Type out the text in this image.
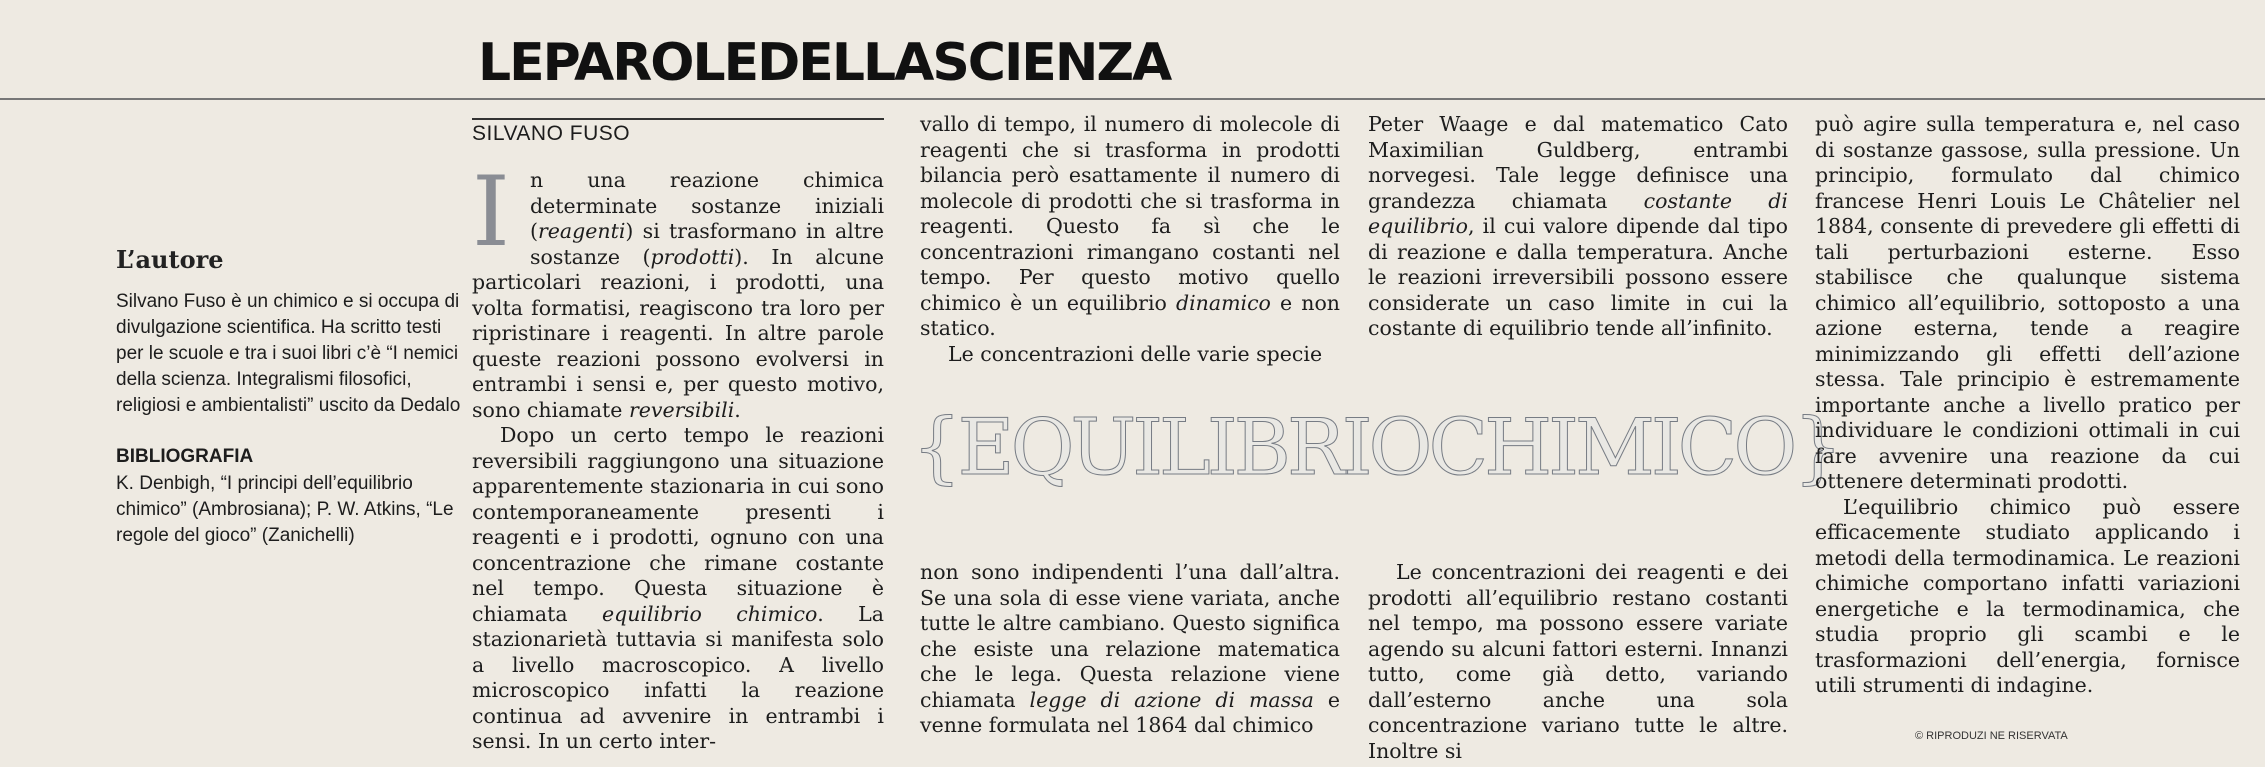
LEPAROLEDELLASCIENZA
L’autore

Silvano Fuso è un chimico e si occupa di divulgazione scientifica. Ha scritto testi per le scuole e tra i suoi libri c’è “I nemici della scienza. Integralismi filosofici, religiosi e ambientalisti” uscito da Dedalo

BIBLIOGRAFIA

K. Denbigh, “I principi dell’equilibrio chimico” (Ambrosiana); P. W. Atkins, “Le regole del gioco” (Zanichelli)

SILVANO FUSO

In una reazione chimica determinate sostanze iniziali (reagenti) si trasformano in altre sostanze (prodotti). In alcune particolari reazioni, i prodotti, una volta formatisi, reagiscono tra loro per ripristinare i reagenti. In altre parole queste reazioni possono evolversi in entrambi i sensi e, per questo motivo, sono chiamate reversibili.

Dopo un certo tempo le reazioni reversibili raggiungono una situazione apparentemente stazionaria in cui sono contemporaneamente presenti i reagenti e i prodotti, ognuno con una concentrazione che rimane costante nel tempo. Questa situazione è chiamata equilibrio chimico. La stazionarietà tuttavia si manifesta solo a livello macroscopico. A livello microscopico infatti la reazione continua ad avvenire in entrambi i sensi. In un certo inter-

vallo di tempo, il numero di molecole di reagenti che si trasforma in prodotti bilancia però esattamente il numero di molecole di prodotti che si trasforma in reagenti. Questo fa sì che le concentrazioni rimangano costanti nel tempo. Per questo motivo quello chimico è un equilibrio dinamico e non statico.

Le concentrazioni delle varie specie

Peter Waage e dal matematico Cato Maximilian Guldberg, entrambi norvegesi. Tale legge definisce una grandezza chiamata costante di equilibrio, il cui valore dipende dal tipo di reazione e dalla temperatura. Anche le reazioni irreversibili possono essere considerate un caso limite in cui la costante di equilibrio tende all’infinito.

{EQUILIBRIOCHIMICO}

non sono indipendenti l’una dall’altra. Se una sola di esse viene variata, anche tutte le altre cambiano. Questo significa che esiste una relazione matematica che le lega. Questa relazione viene chiamata legge di azione di massa e venne formulata nel 1864 dal chimico

Le concentrazioni dei reagenti e dei prodotti all’equilibrio restano costanti nel tempo, ma possono essere variate agendo su alcuni fattori esterni. Innanzi tutto, come già detto, variando dall’esterno anche una sola concentrazione variano tutte le altre. Inoltre si

può agire sulla temperatura e, nel caso di sostanze gassose, sulla pressione. Un principio, formulato dal chimico francese Henri Louis Le Châtelier nel 1884, consente di prevedere gli effetti di tali perturbazioni esterne. Esso stabilisce che qualunque sistema chimico all’equilibrio, sottoposto a una azione esterna, tende a reagire minimizzando gli effetti dell’azione stessa. Tale principio è estremamente importante anche a livello pratico per individuare le condizioni ottimali in cui fare avvenire una reazione da cui ottenere determinati prodotti.

L’equilibrio chimico può essere efficacemente studiato applicando i metodi della termodinamica. Le reazioni chimiche comportano infatti variazioni energetiche e la termodinamica, che studia proprio gli scambi e le trasformazioni dell’energia, fornisce utili strumenti di indagine.

© RIPRODUZI NE RISERVATA
